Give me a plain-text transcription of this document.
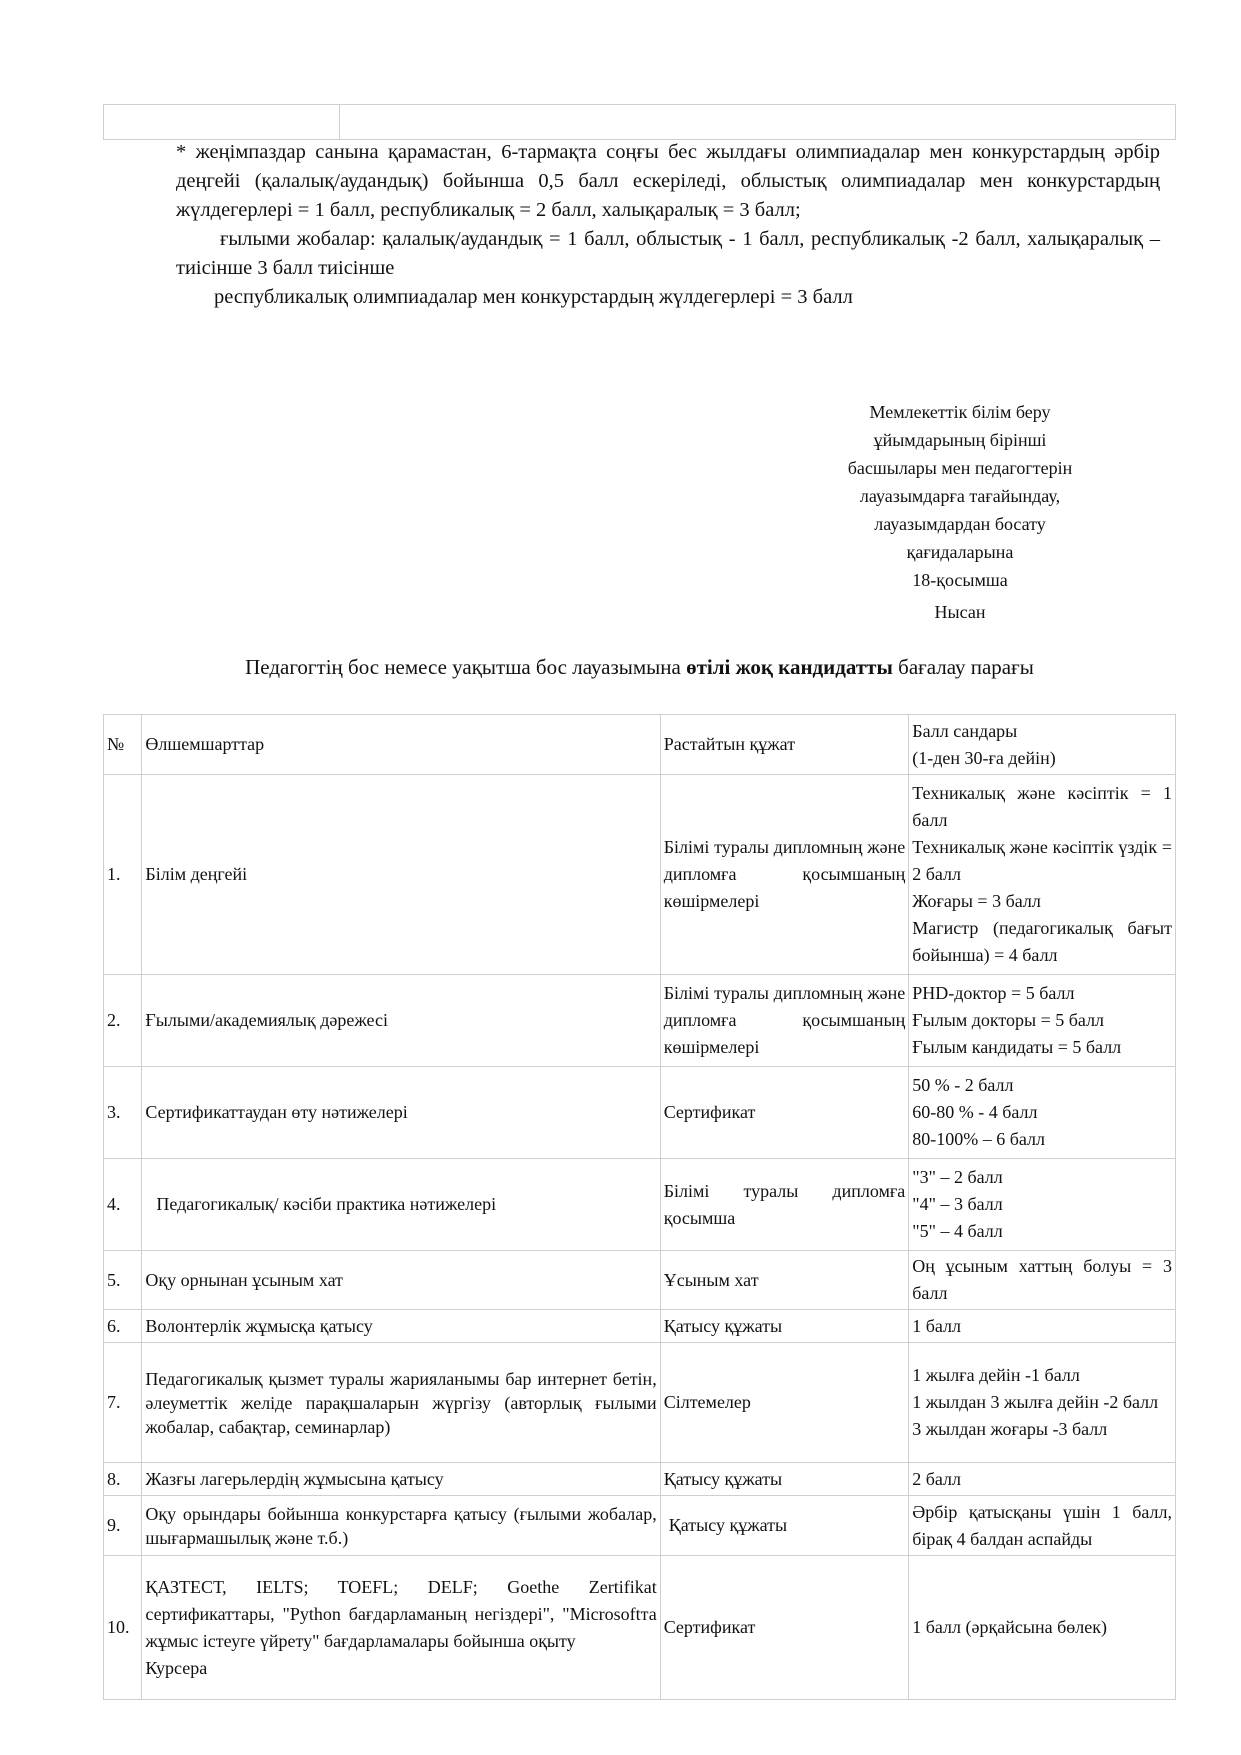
* жеңімпаздар санына қарамастан, 6-тармақта соңғы бес жылдағы олимпиадалар мен конкурстардың әрбір деңгейі (қалалық/аудандық) бойынша 0,5 балл ескеріледі, облыстық олимпиадалар мен конкурстардың жүлдегерлері = 1 балл, республикалық = 2 балл, халықаралық = 3 балл;

ғылыми жобалар: қалалық/аудандық = 1 балл, облыстық - 1 балл, республикалық -2 балл, халықаралық – тиісінше 3 балл тиісінше

республикалық олимпиадалар мен конкурстардың жүлдегерлері = 3 балл

Мемлекеттік білім беру
ұйымдарының бірінші
басшылары мен педагогтерін
лауазымдарға тағайындау,
лауазымдардан босату
қағидаларына
18-қосымша
Нысан
Педагогтің бос немесе уақытша бос лауазымына өтілі жоқ кандидатты бағалау парағы
№	Өлшемшарттар	Растайтын құжат	Балл сандары
(1-ден 30-ға дейін)

1.	Білім деңгейі	Білімі туралы дипломның және дипломға қосымшаның көшірмелері	Техникалық және кәсіптік = 1 балл
Техникалық және кәсіптік үздік = 2 балл
Жоғары = 3 балл
Магистр (педагогикалық бағыт бойынша) = 4 балл

2.	Ғылыми/академиялық дәрежесі	Білімі туралы дипломның және дипломға қосымшаның көшірмелері	PHD-доктор = 5 балл
Ғылым докторы = 5 балл
Ғылым кандидаты = 5 балл

3.	Сертификаттаудан өту нәтижелері	Сертификат	50 % - 2 балл
60-80 % - 4 балл
80-100% – 6 балл

4.	Педагогикалық/ кәсіби практика нәтижелері	Білімі туралы дипломға қосымша	"3" – 2 балл
"4" – 3 балл
"5" – 4 балл

5.	Оқу орнынан ұсыным хат	Ұсыным хат	Оң ұсыным хаттың болуы = 3 балл
6.	Волонтерлік жұмысқа қатысу	Қатысу құжаты	1 балл
7.	Педагогикалық қызмет туралы жарияланымы бар интернет бетін, әлеуметтік желіде парақшаларын жүргізу (авторлық ғылыми жобалар, сабақтар, семинарлар)	Сілтемелер	1 жылға дейін -1 балл
1 жылдан 3 жылға дейін -2 балл
3 жылдан жоғары -3 балл

8.	Жазғы лагерьлердің жұмысына қатысу	Қатысу құжаты	2 балл
9.	Оқу орындары бойынша конкурстарға қатысу (ғылыми жобалар, шығармашылық және т.б.)	Қатысу құжаты	Әрбір қатысқаны үшін 1 балл, бірақ 4 балдан аспайды
10.	ҚАЗТЕСТ, IELTS; TOEFL; DELF; Goethe Zertifikat сертификаттары, "Python бағдарламаның негіздері", "Microsoftта жұмыс істеуге үйрету" бағдарламалары бойынша оқыту
Курсера	Сертификат	1 балл (әрқайсына бөлек)
